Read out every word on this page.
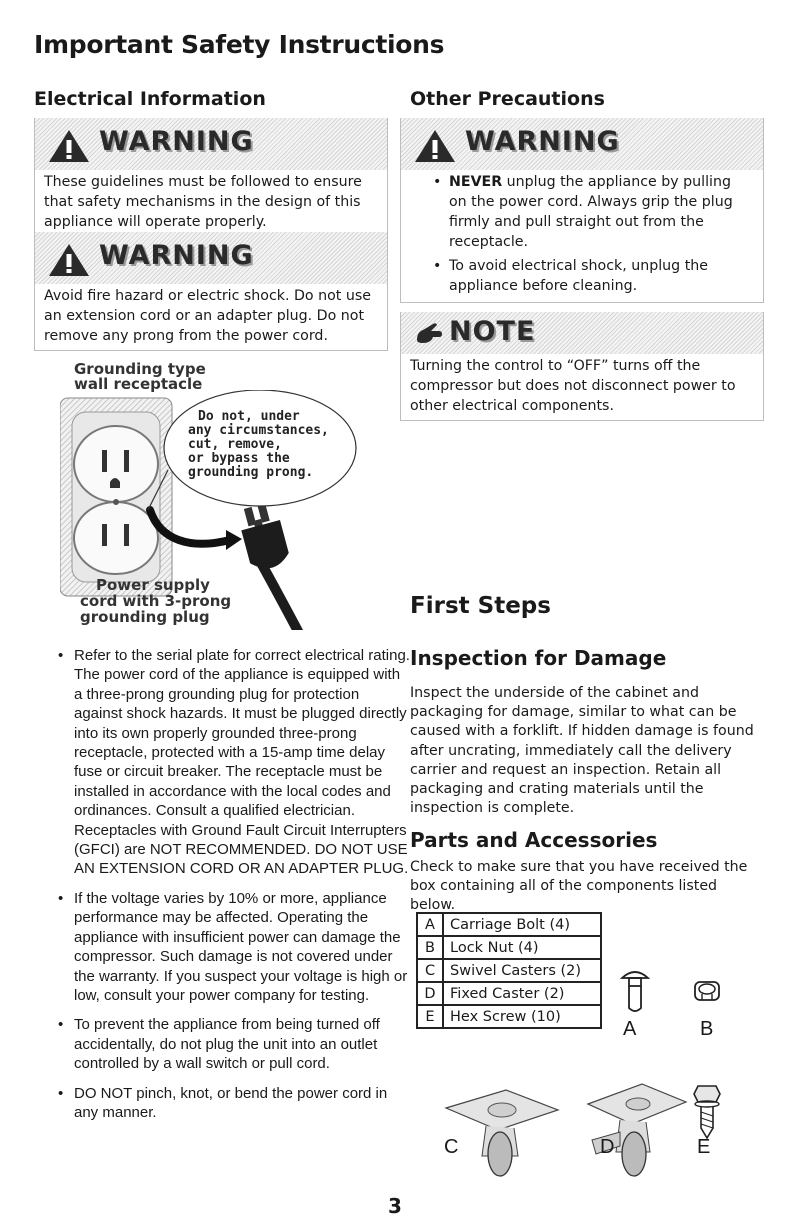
Important Safety Instructions
Electrical Information
WARNING
These guidelines must be followed to ensure that safety mechanisms in the design of this appliance will operate properly.
WARNING
Avoid fire hazard or electric shock. Do not use an extension cord or an adapter plug. Do not remove any prong from the power cord.
Grounding type
wall receptacle
Do not, under
any circumstances,
cut, remove,
or bypass the
grounding prong.
Power supply
cord with 3-prong
grounding plug
• Refer to the serial plate for correct electrical rating. The power cord of the appliance is equipped with a three-prong grounding plug for protection against shock hazards. It must be plugged directly into its own properly grounded three-prong receptacle, protected with a 15-amp time delay fuse or circuit breaker. The receptacle must be installed in accordance with the local codes and ordinances. Consult a qualified electrician. Receptacles with Ground Fault Circuit Interrupters (GFCI) are NOT RECOMMENDED. DO NOT USE AN EXTENSION CORD OR AN ADAPTER PLUG.
• If the voltage varies by 10% or more, appliance performance may be affected. Operating the appliance with insufficient power can damage the compressor. Such damage is not covered under the warranty. If you suspect your voltage is high or low, consult your power company for testing.
• To prevent the appliance from being turned off accidentally, do not plug the unit into an outlet controlled by a wall switch or pull cord.
• DO NOT pinch, knot, or bend the power cord in any manner.
Other Precautions
WARNING
• NEVER unplug the appliance by pulling on the power cord. Always grip the plug firmly and pull straight out from the receptacle.
• To avoid electrical shock, unplug the appliance before cleaning.
NOTE
Turning the control to “OFF” turns off the compressor but does not disconnect power to other electrical components.
First Steps
Inspection for Damage
Inspect the underside of the cabinet and packaging for damage, similar to what can be caused with a forklift. If hidden damage is found after uncrating, immediately call the delivery carrier and request an inspection. Retain all packaging and crating materials until the inspection is complete.
Parts and Accessories
Check to make sure that you have received the box containing all of the components listed below.
A	Carriage Bolt (4)
B	Lock Nut (4)
C	Swivel Casters (2)
D	Fixed Caster (2)
E	Hex Screw (10)
A	B
C	D	E
3
